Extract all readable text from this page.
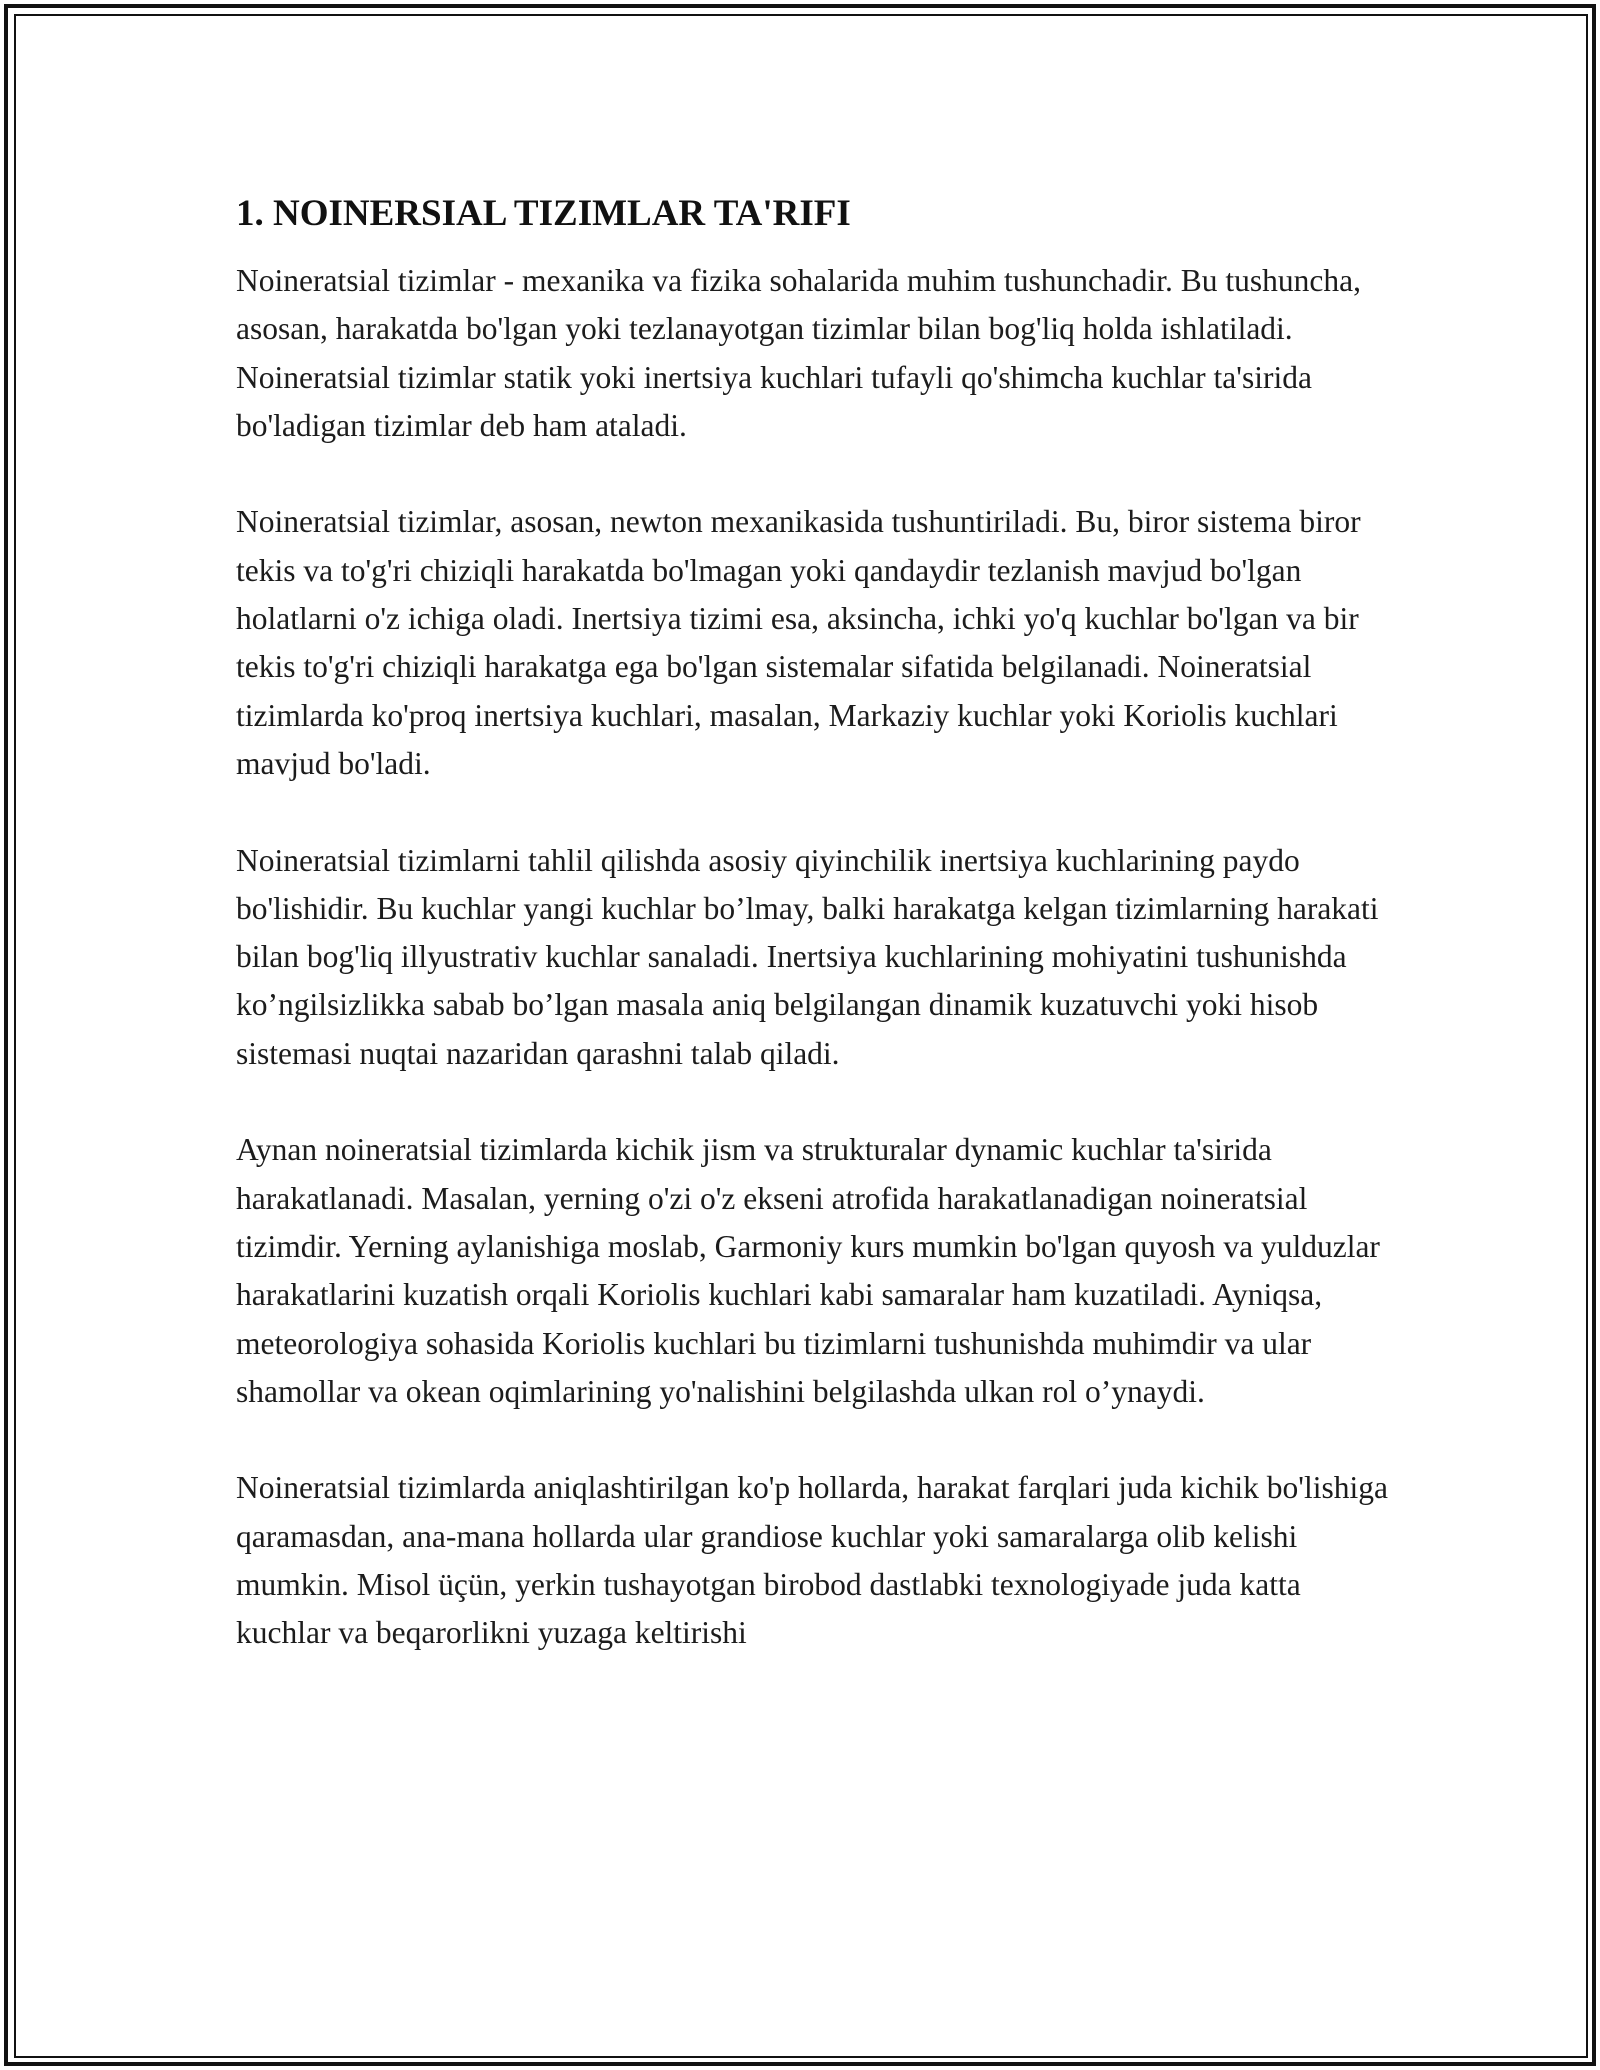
1. NOINERSIAL TIZIMLAR TA'RIFI

Noineratsial tizimlar - mexanika va fizika sohalarida muhim tushunchadir. Bu tushuncha, asosan, harakatda bo'lgan yoki tezlanayotgan tizimlar bilan bog'liq holda ishlatiladi. Noineratsial tizimlar statik yoki inertsiya kuchlari tufayli qo'shimcha kuchlar ta'sirida bo'ladigan tizimlar deb ham ataladi.

Noineratsial tizimlar, asosan, newton mexanikasida tushuntiriladi. Bu, biror sistema biror tekis va to'g'ri chiziqli harakatda bo'lmagan yoki qandaydir tezlanish mavjud bo'lgan holatlarni o'z ichiga oladi. Inertsiya tizimi esa, aksincha, ichki yo'q kuchlar bo'lgan va bir tekis to'g'ri chiziqli harakatga ega bo'lgan sistemalar sifatida belgilanadi. Noineratsial tizimlarda ko'proq inertsiya kuchlari, masalan, Markaziy kuchlar yoki Koriolis kuchlari mavjud bo'ladi.

Noineratsial tizimlarni tahlil qilishda asosiy qiyinchilik inertsiya kuchlarining paydo bo'lishidir. Bu kuchlar yangi kuchlar bo’lmay, balki harakatga kelgan tizimlarning harakati bilan bog'liq illyustrativ kuchlar sanaladi. Inertsiya kuchlarining mohiyatini tushunishda ko’ngilsizlikka sabab bo’lgan masala aniq belgilangan dinamik kuzatuvchi yoki hisob sistemasi nuqtai nazaridan qarashni talab qiladi.

Aynan noineratsial tizimlarda kichik jism va strukturalar dynamic kuchlar ta'sirida harakatlanadi. Masalan, yerning o'zi o'z ekseni atrofida harakatlanadigan noineratsial tizimdir. Yerning aylanishiga moslab, Garmoniy kurs mumkin bo'lgan quyosh va yulduzlar harakatlarini kuzatish orqali Koriolis kuchlari kabi samaralar ham kuzatiladi. Ayniqsa, meteorologiya sohasida Koriolis kuchlari bu tizimlarni tushunishda muhimdir va ular shamollar va okean oqimlarining yo'nalishini belgilashda ulkan rol o’ynaydi.

Noineratsial tizimlarda aniqlashtirilgan ko'p hollarda, harakat farqlari juda kichik bo'lishiga qaramasdan, ana-mana hollarda ular grandiose kuchlar yoki samaralarga olib kelishi mumkin. Misol üçün, yerkin tushayotgan birobod dastlabki texnologiyade juda katta kuchlar va beqarorlikni yuzaga keltirishi
